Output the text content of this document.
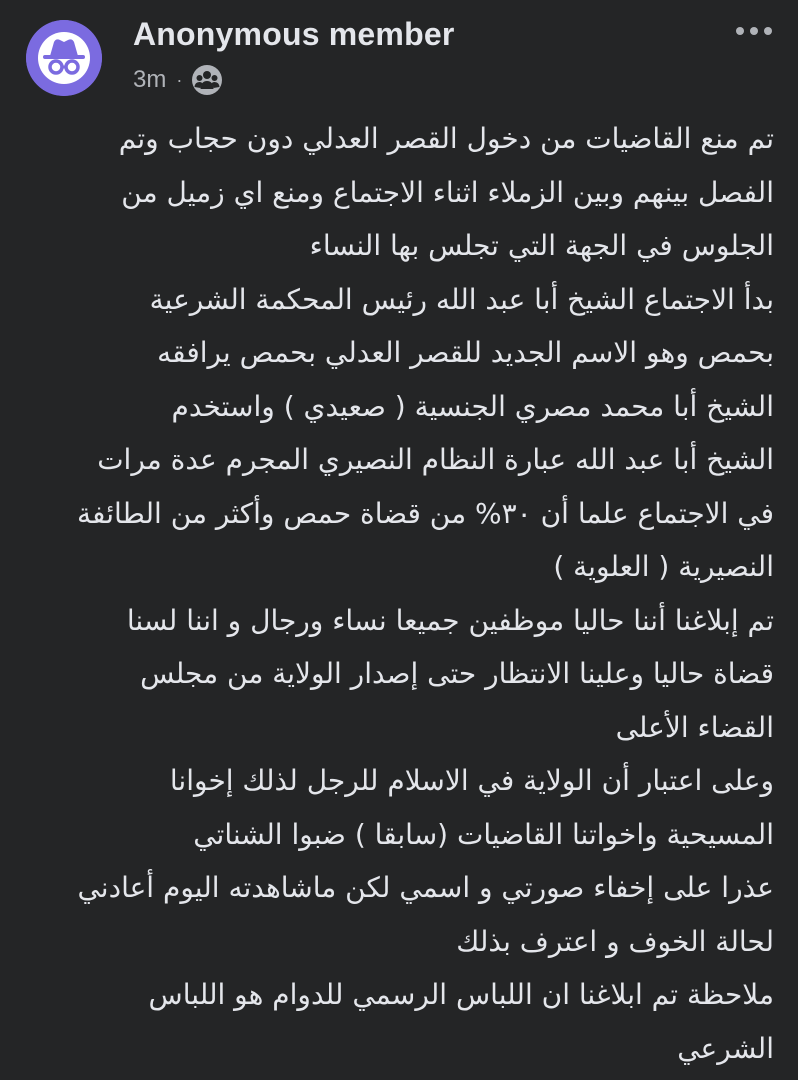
Anonymous member
3m ·
تم منع القاضيات من دخول القصر العدلي دون حجاب وتم
الفصل بينهم وبين الزملاء اثناء الاجتماع ومنع اي زميل من
الجلوس في الجهة التي تجلس بها النساء
بدأ الاجتماع الشيخ أبا عبد الله رئيس المحكمة الشرعية
بحمص وهو الاسم الجديد للقصر العدلي بحمص يرافقه
الشيخ أبا محمد مصري الجنسية ( صعيدي ) واستخدم
الشيخ أبا عبد الله عبارة النظام النصيري المجرم عدة مرات
في الاجتماع علما أن ٣٠% من قضاة حمص وأكثر من الطائفة
النصيرية ( العلوية )
تم إبلاغنا أننا حاليا موظفين جميعا نساء ورجال و اننا لسنا
قضاة حاليا وعلينا الانتظار حتى إصدار الولاية من مجلس
القضاء الأعلى
وعلى اعتبار أن الولاية في الاسلام للرجل لذلك إخوانا
المسيحية واخواتنا القاضيات (سابقا ) ضبوا الشناتي
عذرا على إخفاء صورتي و اسمي لكن ماشاهدته اليوم أعادني
لحالة الخوف و اعترف بذلك
ملاحظة تم ابلاغنا ان اللباس الرسمي للدوام هو اللباس
الشرعي
